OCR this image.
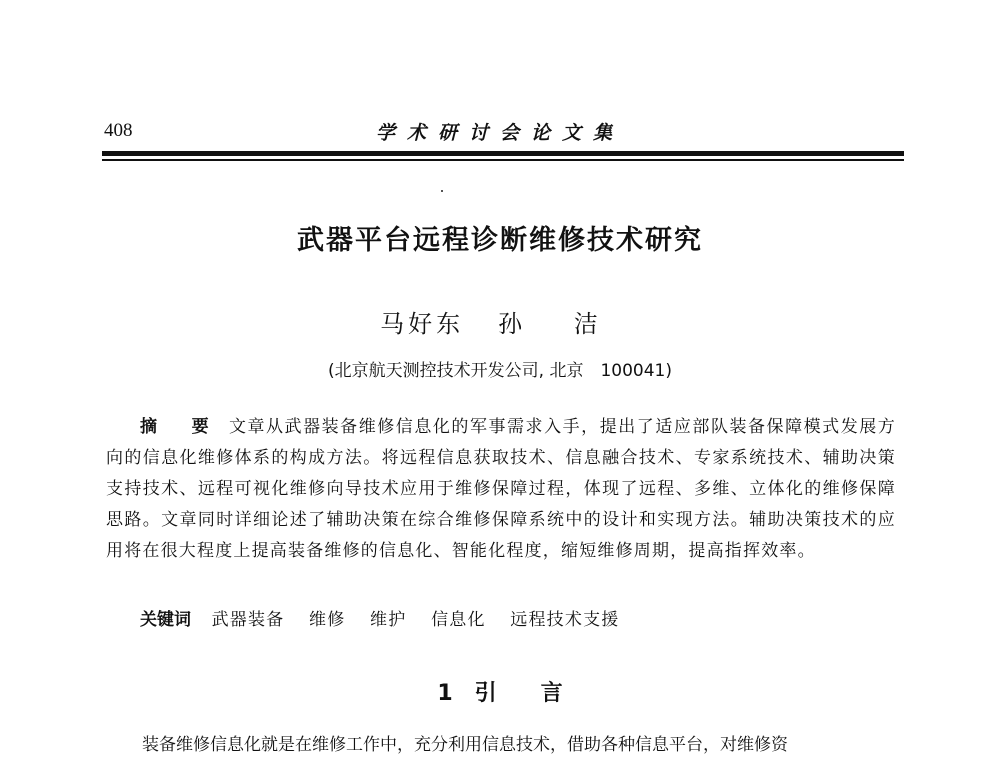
408	学术研讨会论文集
武器平台远程诊断维修技术研究
马好东 孙 洁
(北京航天测控技术开发公司, 北京　100041)
摘 要 文章从武器装备维修信息化的军事需求入手，提出了适应部队装备保障模式发展方向的信息化维修体系的构成方法。将远程信息获取技术、信息融合技术、专家系统技术、辅助决策支持技术、远程可视化维修向导技术应用于维修保障过程，体现了远程、多维、立体化的维修保障思路。文章同时详细论述了辅助决策在综合维修保障系统中的设计和实现方法。辅助决策技术的应用将在很大程度上提高装备维修的信息化、智能化程度，缩短维修周期，提高指挥效率。
关键词 武器装备 维修 维护 信息化 远程技术支援
1 引言

装备维修信息化就是在维修工作中，充分利用信息技术，借助各种信息平台，对维修资
